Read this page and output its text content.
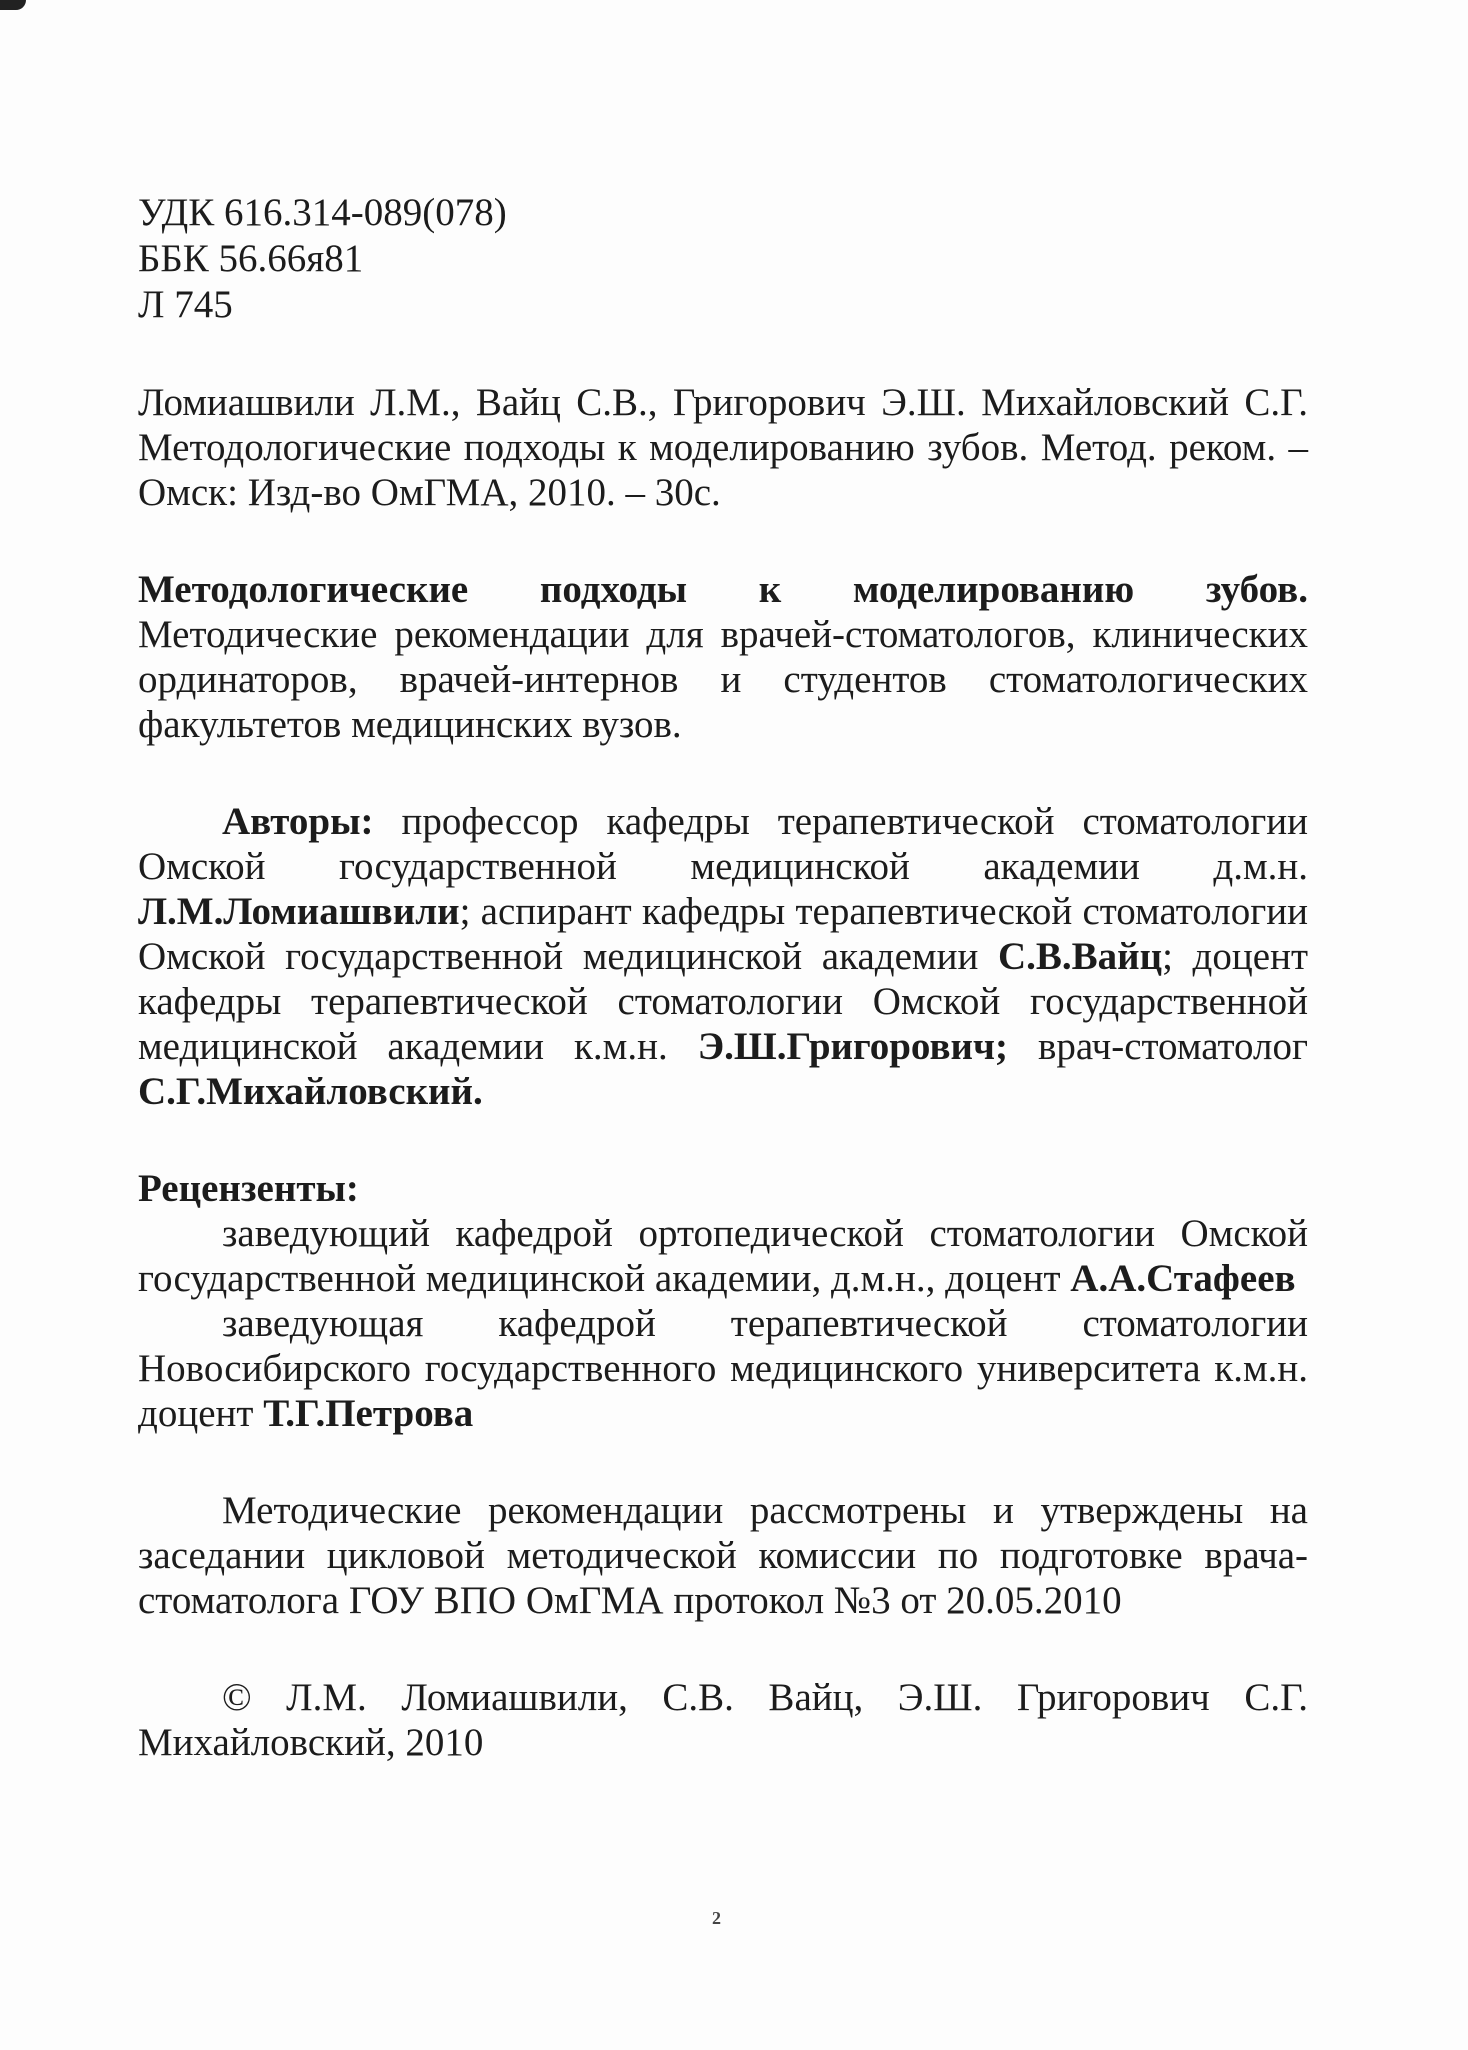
УДК 616.314-089(078)
ББК 56.66я81
Л 745

Ломиашвили Л.М., Вайц С.В., Григорович Э.Ш. Михайловский С.Г. Методологические подходы к моделированию зубов. Метод. реком. – Омск: Изд-во ОмГМА, 2010. – 30с.

Методологические подходы к моделированию зубов. Методические рекомендации для врачей-стоматологов, клинических ординаторов, врачей-интернов и студентов стоматологических факультетов медицинских вузов.

Авторы: профессор кафедры терапевтической стоматологии Омской государственной медицинской академии д.м.н. Л.М.Ломиашвили; аспирант кафедры терапевтической стоматологии Омской государственной медицинской академии С.В.Вайц; доцент кафедры терапевтической стоматологии Омской государственной медицинской академии к.м.н. Э.Ш.Григорович; врач-стоматолог С.Г.Михайловский.

Рецензенты:

заведующий кафедрой ортопедической стоматологии Омской государственной медицинской академии, д.м.н., доцент А.А.Стафеев

заведующая кафедрой терапевтической стоматологии Новосибирского государственного медицинского университета к.м.н. доцент Т.Г.Петрова

Методические рекомендации рассмотрены и утверждены на заседании цикловой методической комиссии по подготовке врача-стоматолога ГОУ ВПО ОмГМА протокол №3 от 20.05.2010

© Л.М. Ломиашвили, С.В. Вайц, Э.Ш. Григорович С.Г. Михайловский, 2010

2
